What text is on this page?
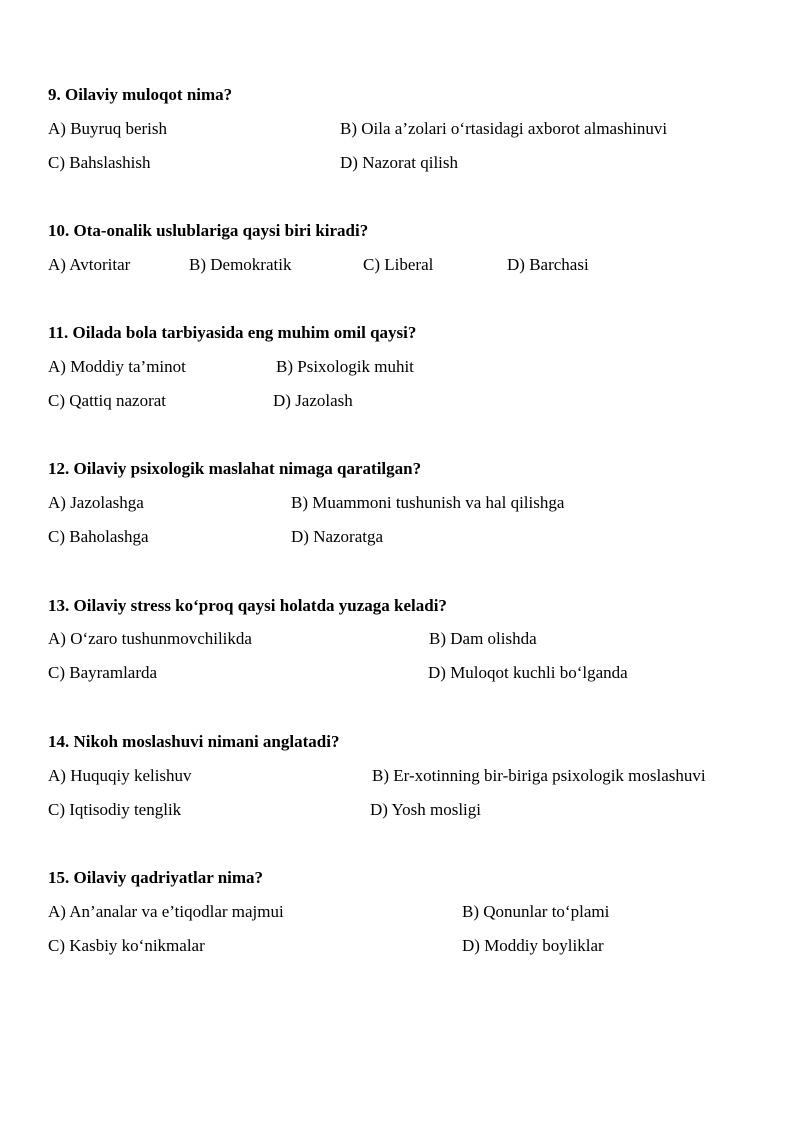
9. Oilaviy muloqot nima?
A) Buyruq berish	B) Oila a’zolari o‘rtasidagi axborot almashinuvi
C) Bahslashish	D) Nazorat qilish
10. Ota-onalik uslublariga qaysi biri kiradi?
A) Avtoritar	B) Demokratik	C) Liberal	D) Barchasi
11. Oilada bola tarbiyasida eng muhim omil qaysi?
A) Moddiy ta’minot	B) Psixologik muhit
C) Qattiq nazorat	D) Jazolash
12. Oilaviy psixologik maslahat nimaga qaratilgan?
A) Jazolashga	B) Muammoni tushunish va hal qilishga
C) Baholashga	D) Nazoratga
13. Oilaviy stress ko‘proq qaysi holatda yuzaga keladi?
A) O‘zaro tushunmovchilikda	B) Dam olishda
C) Bayramlarda	D) Muloqot kuchli bo‘lganda
14. Nikoh moslashuvi nimani anglatadi?
A) Huquqiy kelishuv	B) Er-xotinning bir-biriga psixologik moslashuvi
C) Iqtisodiy tenglik	D) Yosh mosligi
15. Oilaviy qadriyatlar nima?
A) An’analar va e’tiqodlar majmui	B) Qonunlar to‘plami
C) Kasbiy ko‘nikmalar	D) Moddiy boyliklar
